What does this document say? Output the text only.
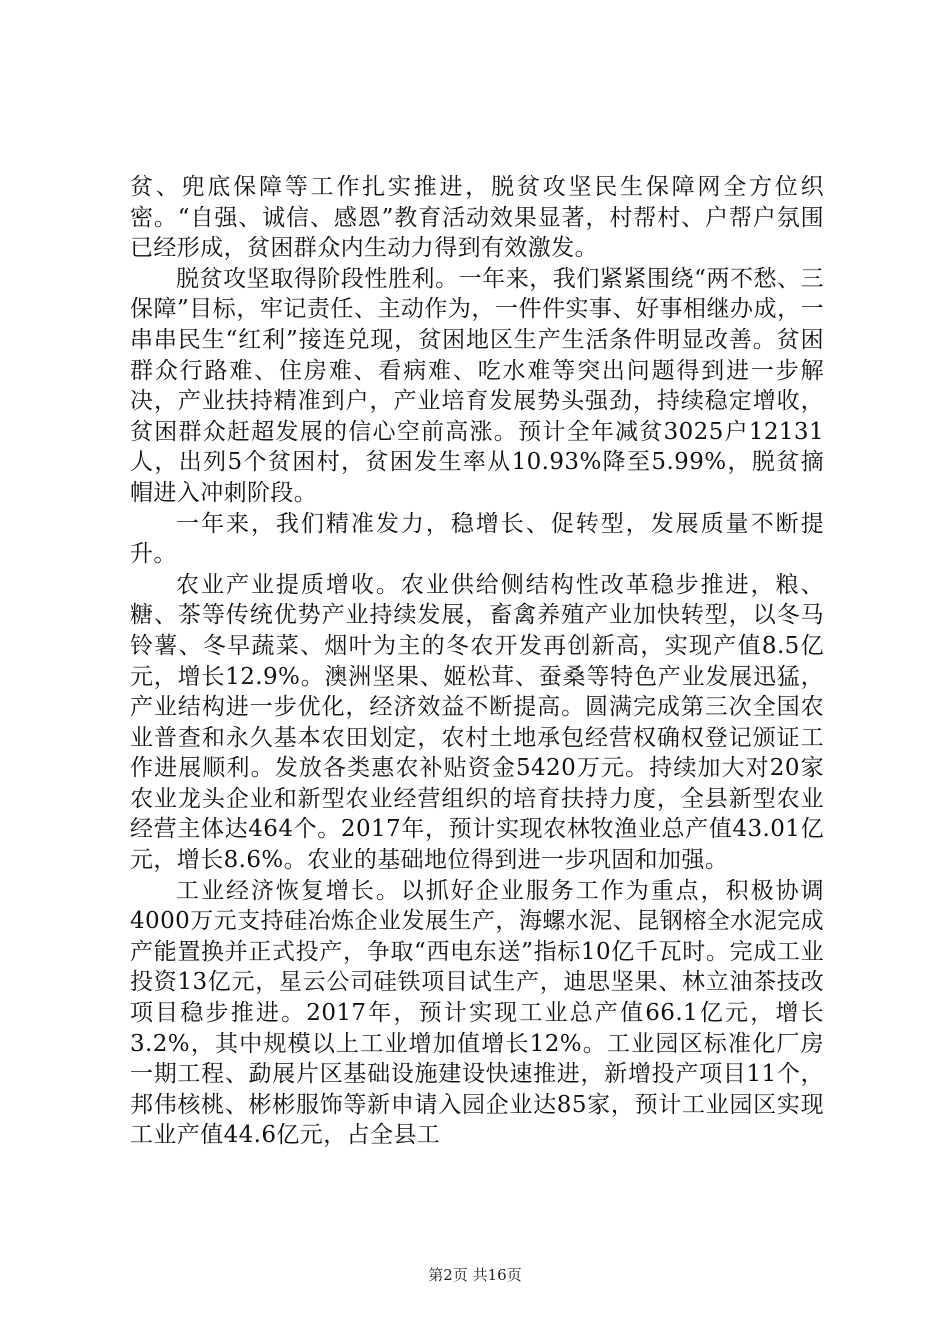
贫、兜底保障等工作扎实推进，脱贫攻坚民生保障网全方位织密。“自强、诚信、感恩”教育活动效果显著，村帮村、户帮户氛围已经形成，贫困群众内生动力得到有效激发。

脱贫攻坚取得阶段性胜利。一年来，我们紧紧围绕“两不愁、三保障”目标，牢记责任、主动作为，一件件实事、好事相继办成，一串串民生“红利”接连兑现，贫困地区生产生活条件明显改善。贫困群众行路难、住房难、看病难、吃水难等突出问题得到进一步解决，产业扶持精准到户，产业培育发展势头强劲，持续稳定增收，贫困群众赶超发展的信心空前高涨。预计全年减贫3025户12131人，出列5个贫困村，贫困发生率从10.93%降至5.99%，脱贫摘帽进入冲刺阶段。

一年来，我们精准发力，稳增长、促转型，发展质量不断提升。

农业产业提质增收。农业供给侧结构性改革稳步推进，粮、糖、茶等传统优势产业持续发展，畜禽养殖产业加快转型，以冬马铃薯、冬早蔬菜、烟叶为主的冬农开发再创新高，实现产值8.5亿元，增长12.9%。澳洲坚果、姬松茸、蚕桑等特色产业发展迅猛，产业结构进一步优化，经济效益不断提高。圆满完成第三次全国农业普查和永久基本农田划定，农村土地承包经营权确权登记颁证工作进展顺利。发放各类惠农补贴资金5420万元。持续加大对20家农业龙头企业和新型农业经营组织的培育扶持力度，全县新型农业经营主体达464个。2017年，预计实现农林牧渔业总产值43.01亿元，增长8.6%。农业的基础地位得到进一步巩固和加强。

工业经济恢复增长。以抓好企业服务工作为重点，积极协调4000万元支持硅冶炼企业发展生产，海螺水泥、昆钢榕全水泥完成产能置换并正式投产，争取“西电东送”指标10亿千瓦时。完成工业投资13亿元，星云公司硅铁项目试生产，迪思坚果、林立油茶技改项目稳步推进。2017年，预计实现工业总产值66.1亿元，增长3.2%，其中规模以上工业增加值增长12%。工业园区标准化厂房一期工程、勐展片区基础设施建设快速推进，新增投产项目11个，邦伟核桃、彬彬服饰等新申请入园企业达85家，预计工业园区实现工业产值44.6亿元，占全县工

第2页 共16页
